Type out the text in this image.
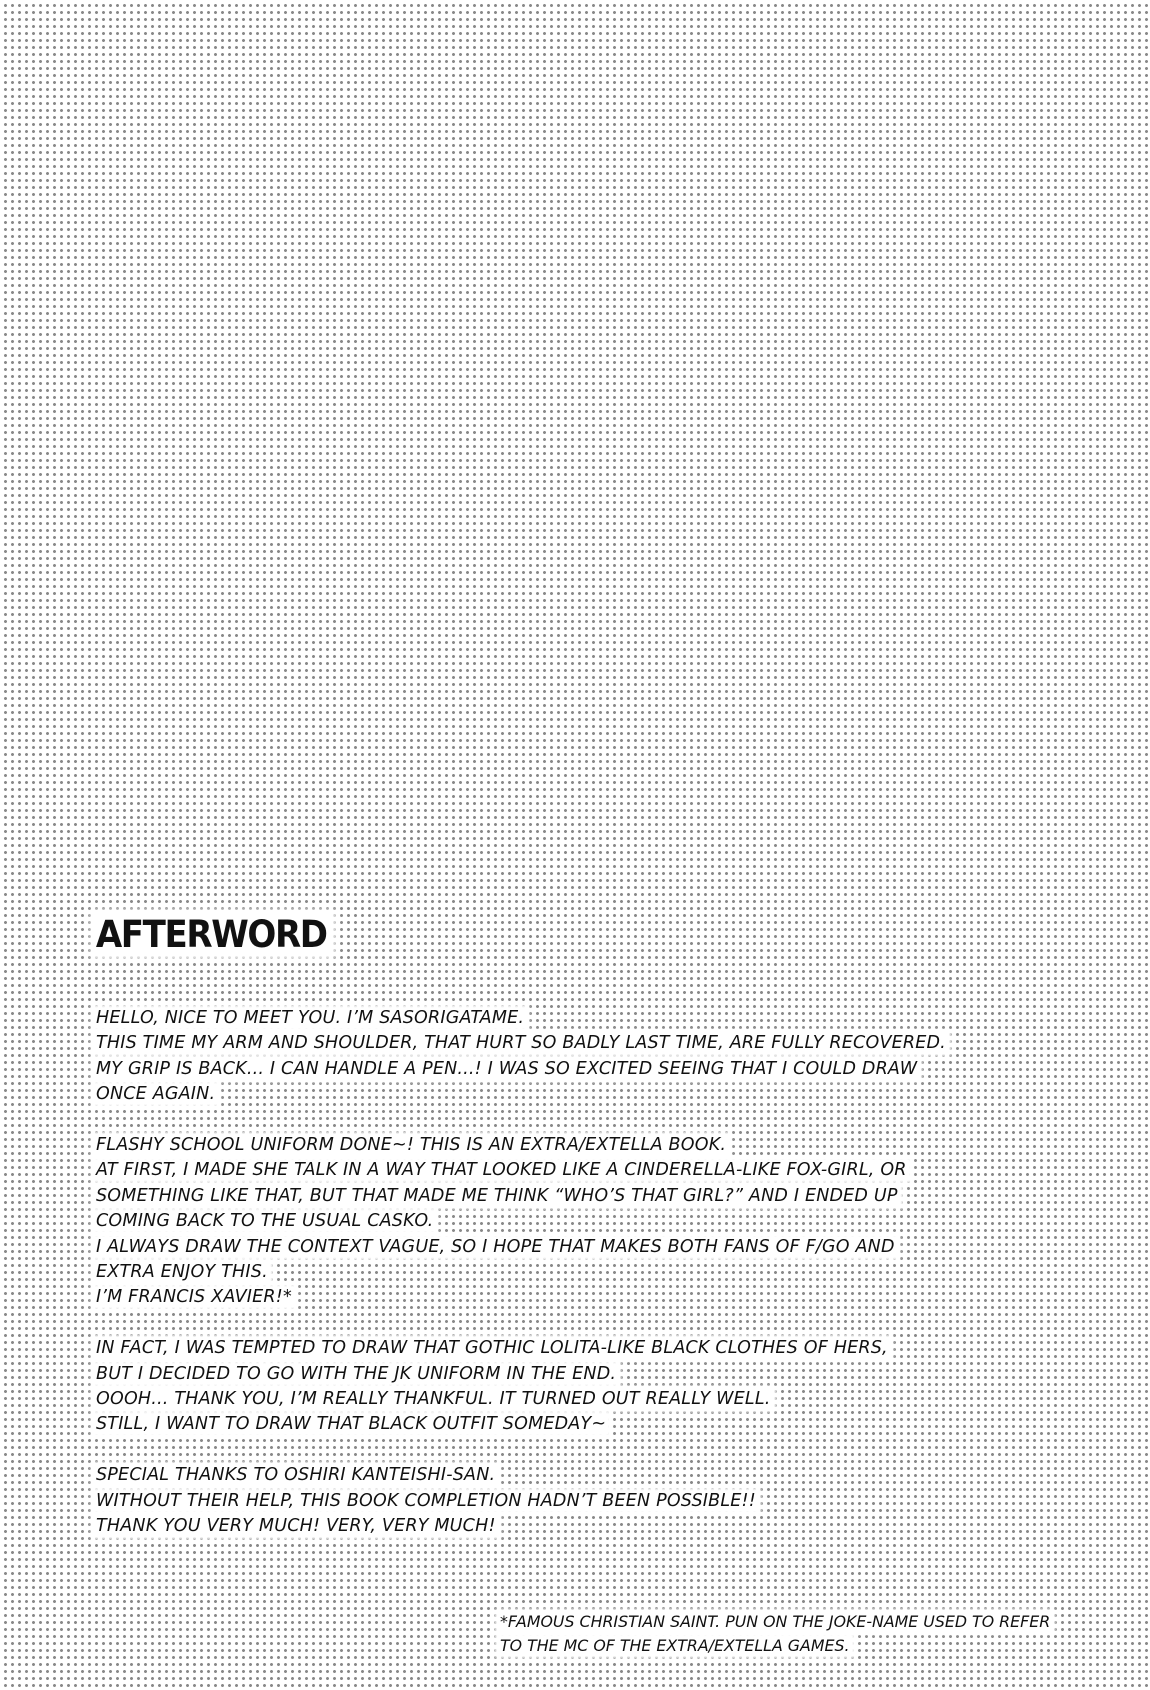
AFTERWORD
HELLO, NICE TO MEET YOU. I’M SASORIGATAME.
THIS TIME MY ARM AND SHOULDER, THAT HURT SO BADLY LAST TIME, ARE FULLY RECOVERED.
MY GRIP IS BACK... I CAN HANDLE A PEN...! I WAS SO EXCITED SEEING THAT I COULD DRAW
ONCE AGAIN.
FLASHY SCHOOL UNIFORM DONE~! THIS IS AN EXTRA/EXTELLA BOOK.
AT FIRST, I MADE SHE TALK IN A WAY THAT LOOKED LIKE A CINDERELLA-LIKE FOX-GIRL, OR
SOMETHING LIKE THAT, BUT THAT MADE ME THINK “WHO’S THAT GIRL?” AND I ENDED UP
COMING BACK TO THE USUAL CASKO.
I ALWAYS DRAW THE CONTEXT VAGUE, SO I HOPE THAT MAKES BOTH FANS OF F/GO AND
EXTRA ENJOY THIS.
I’M FRANCIS XAVIER!*
IN FACT, I WAS TEMPTED TO DRAW THAT GOTHIC LOLITA-LIKE BLACK CLOTHES OF HERS,
BUT I DECIDED TO GO WITH THE JK UNIFORM IN THE END.
OOOH... THANK YOU, I’M REALLY THANKFUL. IT TURNED OUT REALLY WELL.
STILL, I WANT TO DRAW THAT BLACK OUTFIT SOMEDAY~
SPECIAL THANKS TO OSHIRI KANTEISHI-SAN.
WITHOUT THEIR HELP, THIS BOOK COMPLETION HADN’T BEEN POSSIBLE!!
THANK YOU VERY MUCH! VERY, VERY MUCH!
*FAMOUS CHRISTIAN SAINT. PUN ON THE JOKE-NAME USED TO REFER
TO THE MC OF THE EXTRA/EXTELLA GAMES.
